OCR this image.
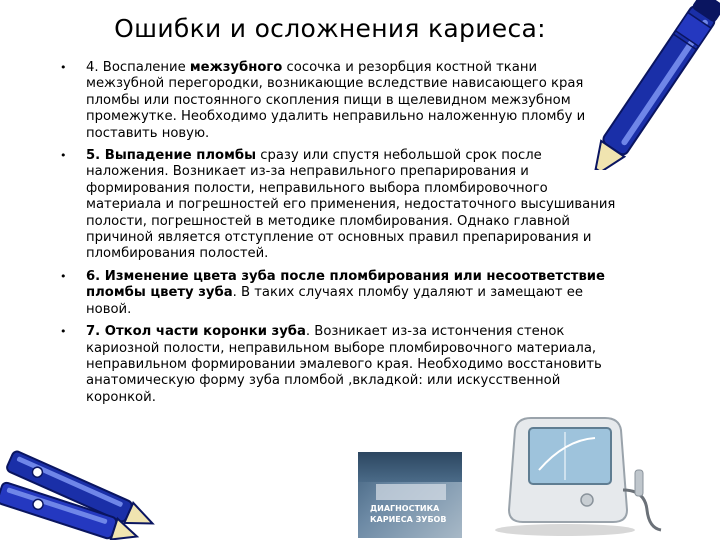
Ошибки и осложнения кариеса:
• 4. Воспаление межзубного сосочка и резорбция костной ткани межзубной перегородки, возникающие вследствие нависающего края пломбы или постоянного скопления пищи в щелевидном межзубном промежутке. Необходимо удалить неправильно наложенную пломбу и поставить новую.

• 5. Выпадение пломбы сразу или спустя небольшой срок после наложения. Возникает из-за неправильного препарирования и формирования полости, неправильного выбора пломбировочного материала и погрешностей его применения, недостаточного высушивания полости, погрешностей в методике пломбирования. Однако главной причиной является отступление от основных правил препарирования и пломбирования полостей.

• 6. Изменение цвета зуба после пломбирования или несоответствие пломбы цвету зуба. В таких случаях пломбу удаляют и замещают ее новой.

• 7. Откол части коронки зуба. Возникает из-за истончения стенок кариозной полости, неправильном выборе пломбировочного материала, неправильном формировании эмалевого края. Необходимо восстановить анатомическую форму зуба пломбой ,вкладкой: или искусственной коронкой.

ДИАГНОСТИКА
КАРИЕСА ЗУБОВ
